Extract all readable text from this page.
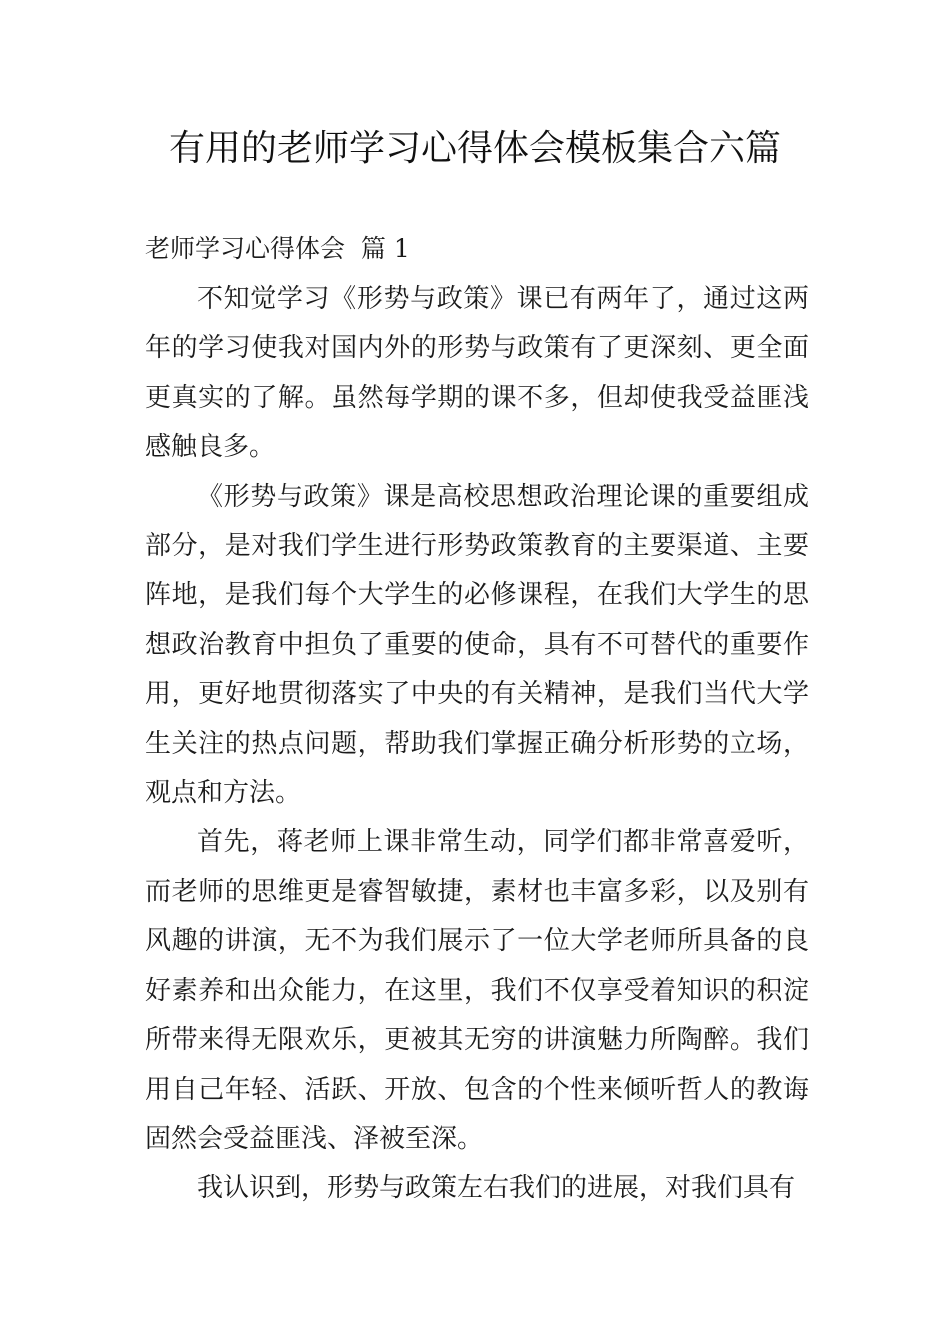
有用的老师学习心得体会模板集合六篇
老师学习心得体会  篇 1

不知觉学习《形势与政策》课已有两年了，通过这两年的学习使我对国内外的形势与政策有了更深刻、更全面更真实的了解。虽然每学期的课不多，但却使我受益匪浅感触良多。

《形势与政策》课是高校思想政治理论课的重要组成部分，是对我们学生进行形势政策教育的主要渠道、主要阵地，是我们每个大学生的必修课程，在我们大学生的思想政治教育中担负了重要的使命，具有不可替代的重要作用，更好地贯彻落实了中央的有关精神，是我们当代大学生关注的热点问题，帮助我们掌握正确分析形势的立场，观点和方法。

首先，蒋老师上课非常生动，同学们都非常喜爱听，而老师的思维更是睿智敏捷，素材也丰富多彩，以及别有风趣的讲演，无不为我们展示了一位大学老师所具备的良好素养和出众能力，在这里，我们不仅享受着知识的积淀所带来得无限欢乐，更被其无穷的讲演魅力所陶醉。我们用自己年轻、活跃、开放、包含的个性来倾听哲人的教诲固然会受益匪浅、泽被至深。

我认识到，形势与政策左右我们的进展，对我们具有
